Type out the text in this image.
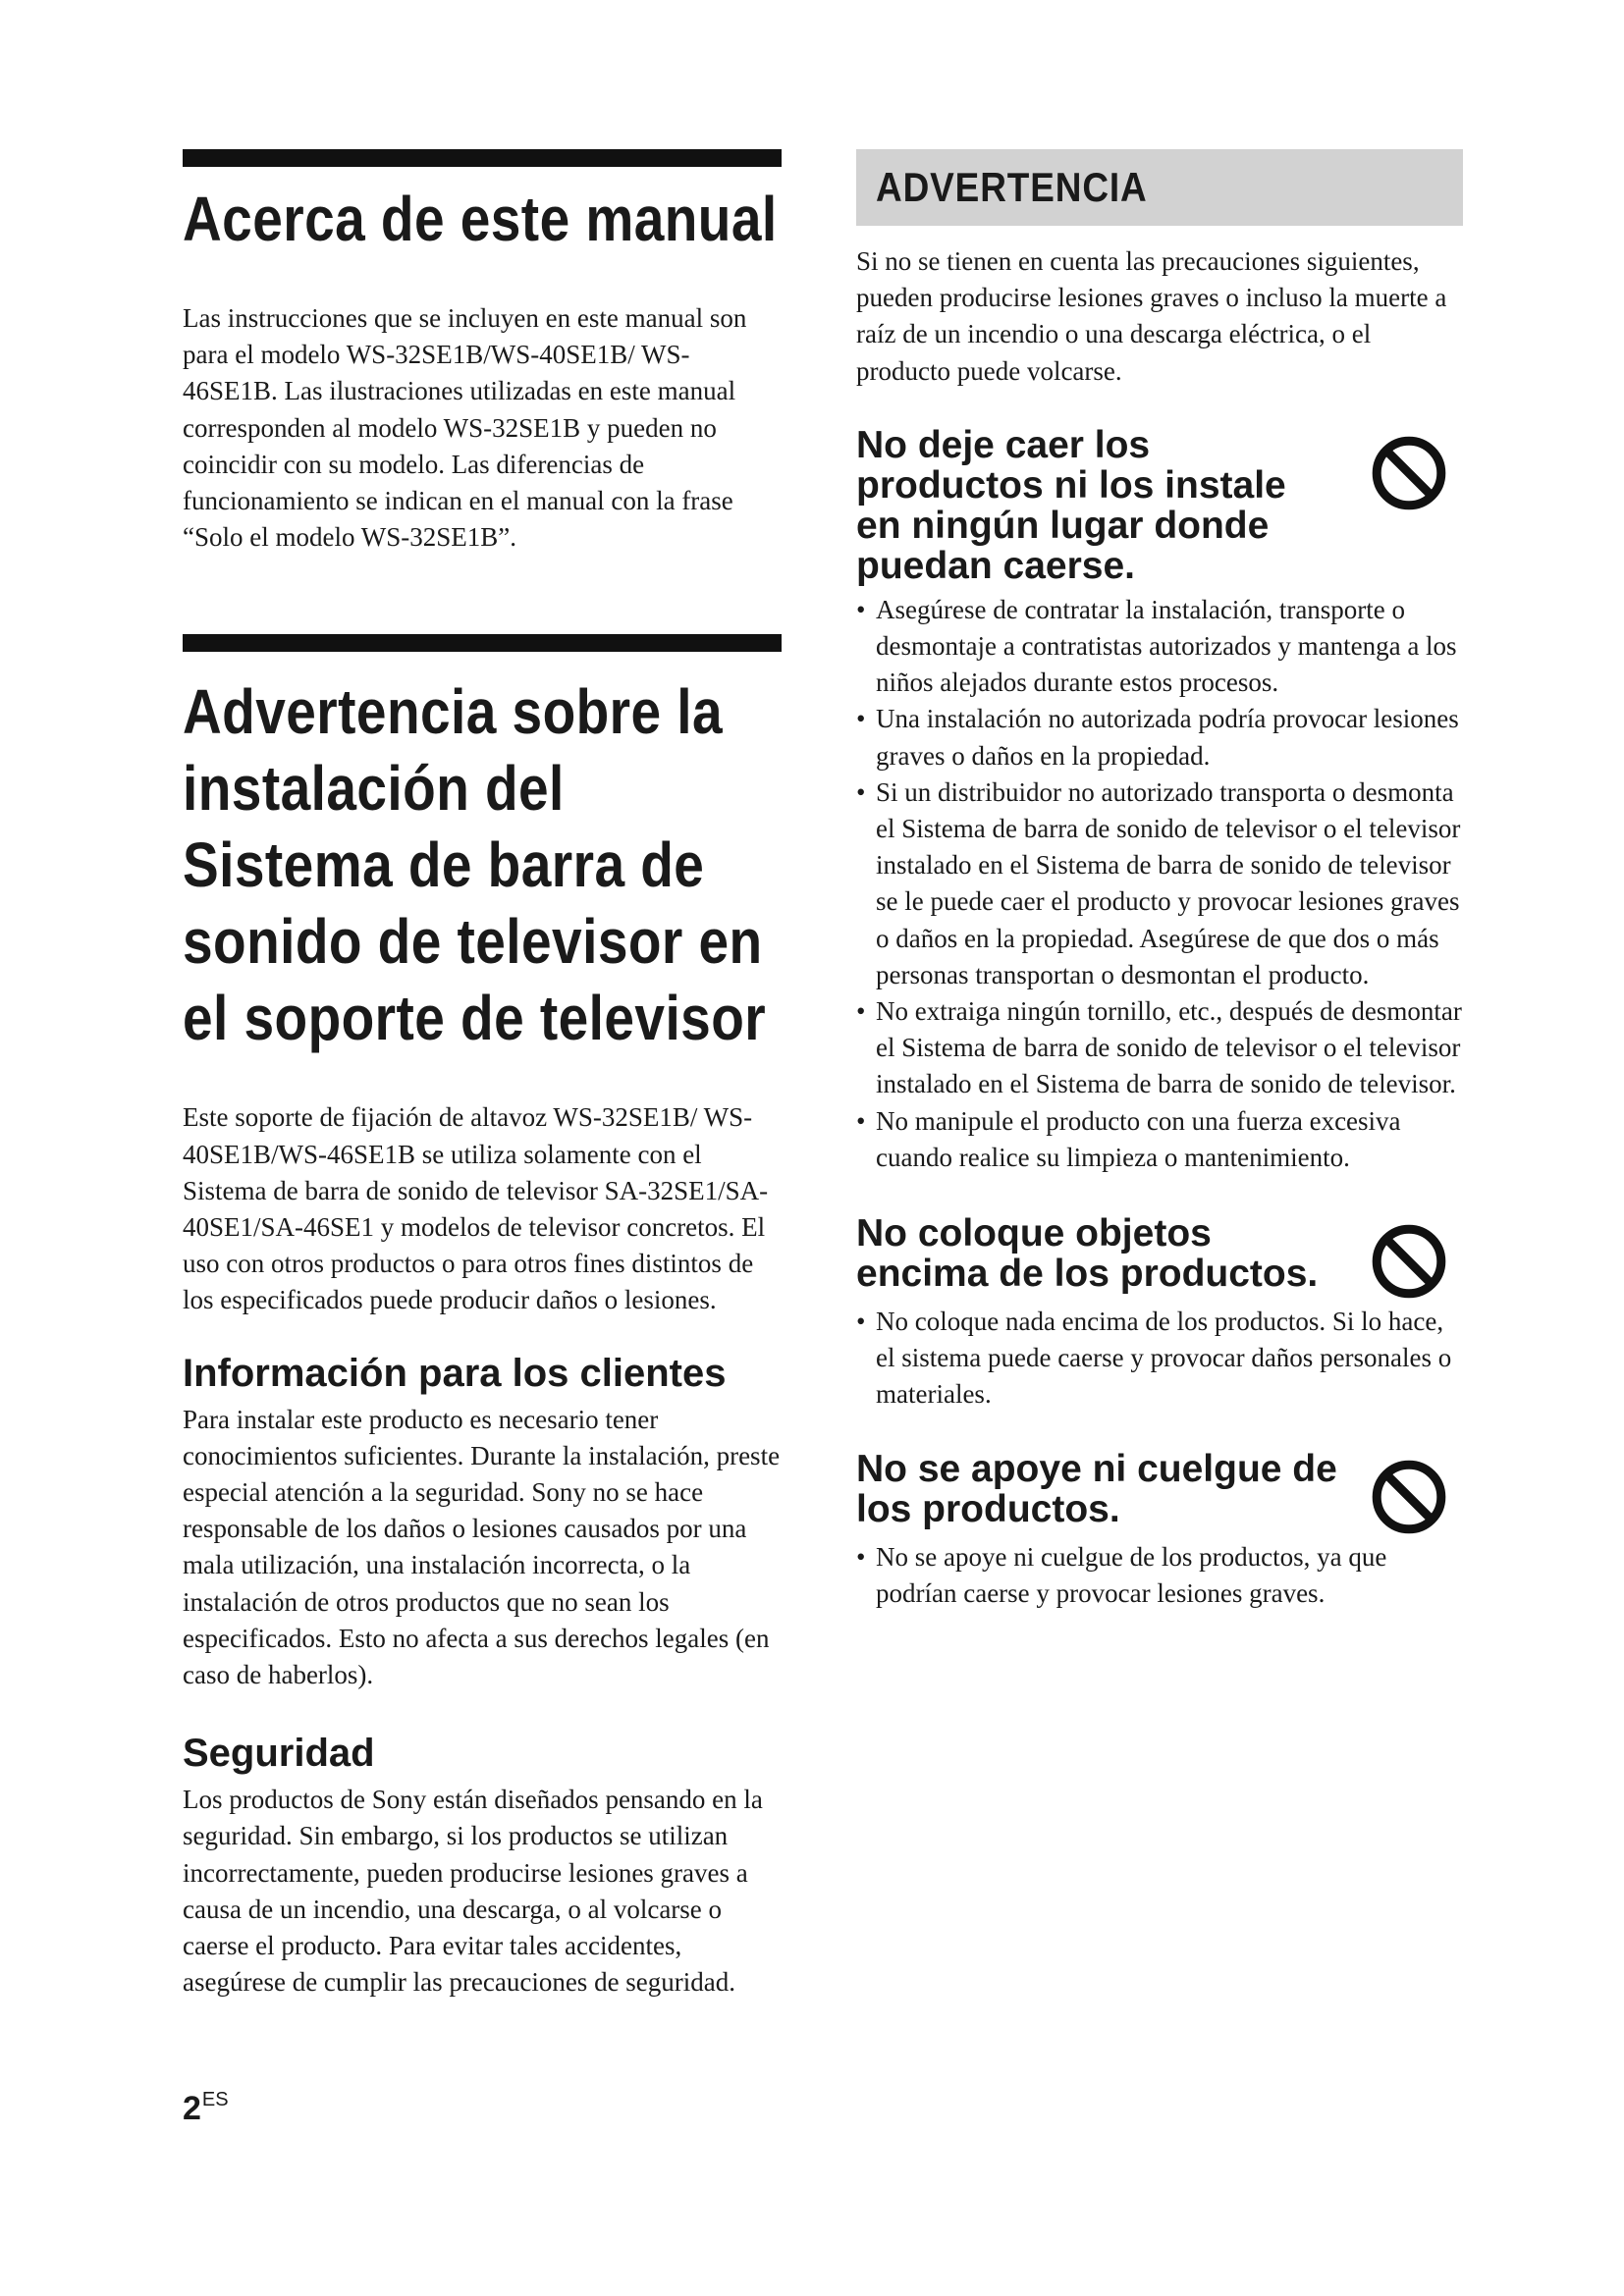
Acerca de este manual

Las instrucciones que se incluyen en este manual son para el modelo WS-32SE1B/WS-40SE1B/ WS-46SE1B. Las ilustraciones utilizadas en este manual corresponden al modelo WS-32SE1B y pueden no coincidir con su modelo. Las diferencias de funcionamiento se indican en el manual con la frase “Solo el modelo WS-32SE1B”.

Advertencia sobre la instalación del Sistema de barra de sonido de televisor en el soporte de televisor

Este soporte de fijación de altavoz WS-32SE1B/ WS-40SE1B/WS-46SE1B se utiliza solamente con el Sistema de barra de sonido de televisor SA-32SE1/SA-40SE1/SA-46SE1 y modelos de televisor concretos. El uso con otros productos o para otros fines distintos de los especificados puede producir daños o lesiones.

Información para los clientes

Para instalar este producto es necesario tener conocimientos suficientes. Durante la instalación, preste especial atención a la seguridad. Sony no se hace responsable de los daños o lesiones causados por una mala utilización, una instalación incorrecta, o la instalación de otros productos que no sean los especificados. Esto no afecta a sus derechos legales (en caso de haberlos).

Seguridad

Los productos de Sony están diseñados pensando en la seguridad. Sin embargo, si los productos se utilizan incorrectamente, pueden producirse lesiones graves a causa de un incendio, una descarga, o al volcarse o caerse el producto. Para evitar tales accidentes, asegúrese de cumplir las precauciones de seguridad.

ADVERTENCIA

Si no se tienen en cuenta las precauciones siguientes, pueden producirse lesiones graves o incluso la muerte a raíz de un incendio o una descarga eléctrica, o el producto puede volcarse.

No deje caer los productos ni los instale en ningún lugar donde puedan caerse.
• Asegúrese de contratar la instalación, transporte o desmontaje a contratistas autorizados y mantenga a los niños alejados durante estos procesos.
• Una instalación no autorizada podría provocar lesiones graves o daños en la propiedad.
• Si un distribuidor no autorizado transporta o desmonta el Sistema de barra de sonido de televisor o el televisor instalado en el Sistema de barra de sonido de televisor se le puede caer el producto y provocar lesiones graves o daños en la propiedad. Asegúrese de que dos o más personas transportan o desmontan el producto.
• No extraiga ningún tornillo, etc., después de desmontar el Sistema de barra de sonido de televisor o el televisor instalado en el Sistema de barra de sonido de televisor.
• No manipule el producto con una fuerza excesiva cuando realice su limpieza o mantenimiento.
No coloque objetos encima de los productos.
• No coloque nada encima de los productos. Si lo hace, el sistema puede caerse y provocar daños personales o materiales.
No se apoye ni cuelgue de los productos.
• No se apoye ni cuelgue de los productos, ya que podrían caerse y provocar lesiones graves.
$2^{ES}$
